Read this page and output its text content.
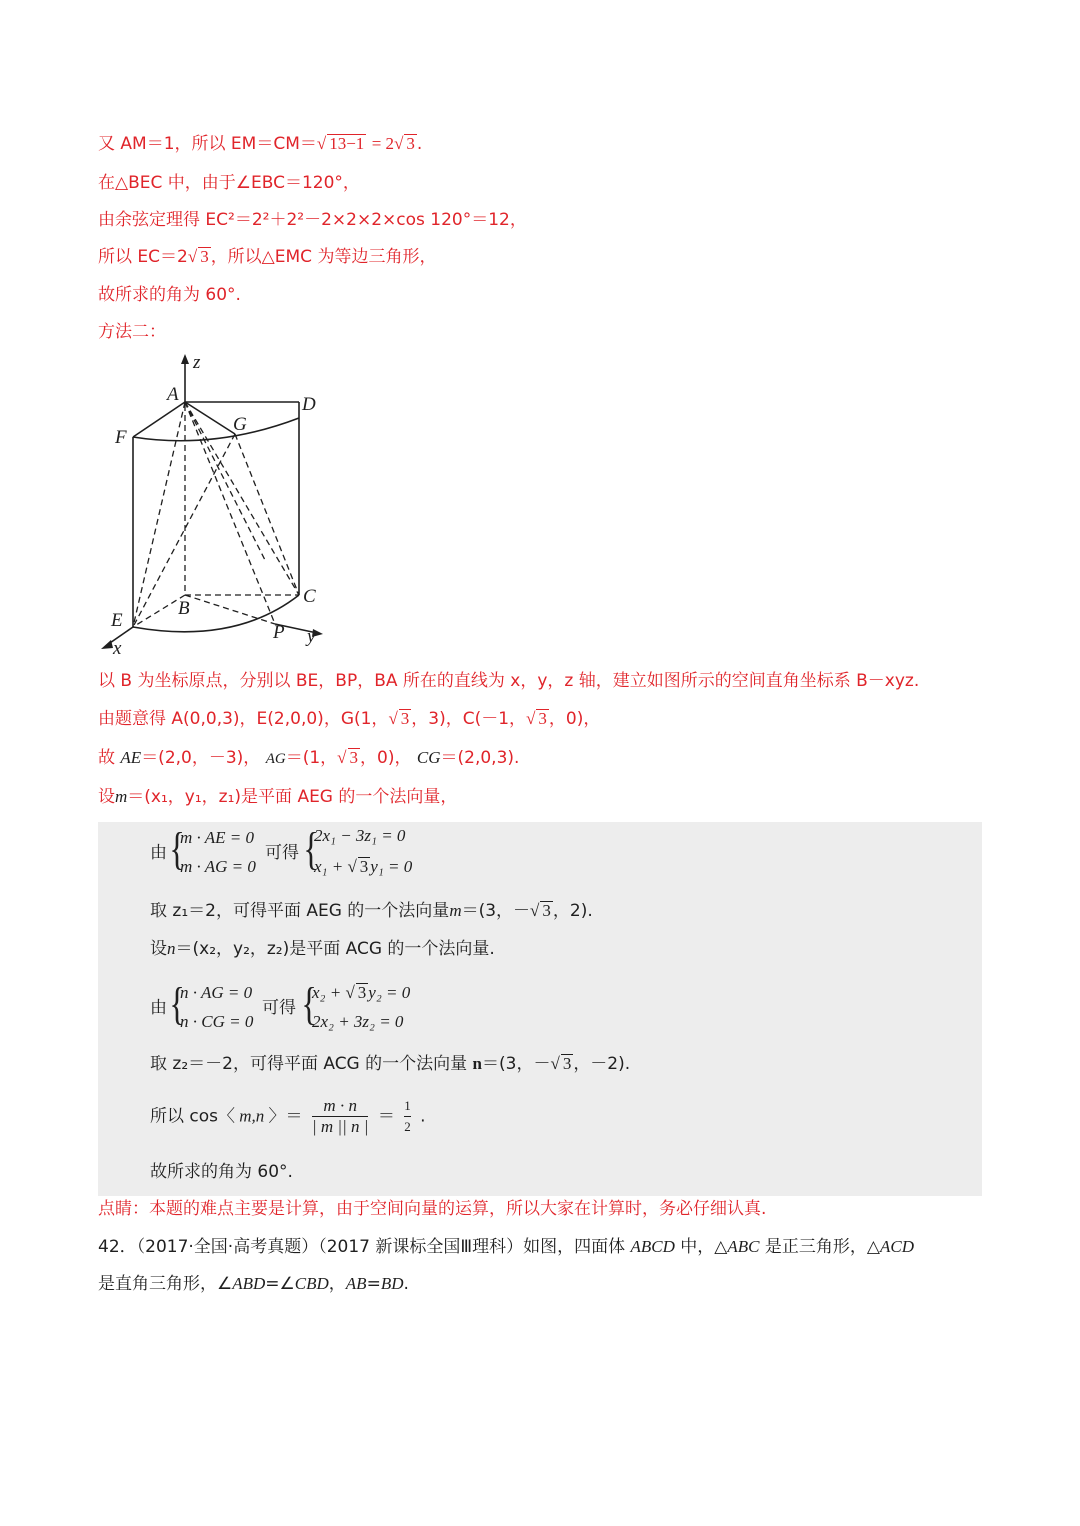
又 AM＝1，所以 EM＝CM＝√ 13−1 = 2√ 3 .
在△BEC 中，由于∠EBC＝120°，
由余弦定理得 EC²＝2²＋2²－2×2×2×cos 120°＝12，
所以 EC＝2√ 3 ，所以△EMC 为等边三角形，
故所求的角为 60°.
方法二：
z
A	D
F
G
C
B
E
P
x
y
以 B 为坐标原点，分别以 BE，BP，BA 所在的直线为 x，y，z 轴，建立如图所示的空间直角坐标系 B－xyz.
由题意得 A(0,0,3)，E(2,0,0)，G(1，√ 3 ，3)，C(－1，√ 3 ，0)，
故 AE＝(2,0，－3)， AG＝(1，√ 3 ，0)， CG＝(2,0,3).
设m＝(x₁，y₁，z₁)是平面 AEG 的一个法向量，
由 {
m · AE = 0
m · AG = 0
可得 {
2x₁ − 3z₁ = 0
x₁ + √ 3 y₁ = 0
取 z₁＝2，可得平面 AEG 的一个法向量m＝(3，－√ 3 ，2).
设n＝(x₂，y₂，z₂)是平面 ACG 的一个法向量.
由 {
n · AG = 0
n · CG = 0
可得 {
x₂ + √ 3 y₂ = 0
2x₂ + 3z₂ = 0
取 z₂＝－2，可得平面 ACG 的一个法向量 n＝(3，－√ 3 ，－2).
所以 cos〈 m,n 〉＝ $\frac{m \cdot n}{| m || n |} = \frac{1}{2}$ .
故所求的角为 60°.
点睛：本题的难点主要是计算，由于空间向量的运算，所以大家在计算时，务必仔细认真.
42．（2017·全国·高考真题）（2017 新课标全国Ⅲ理科）如图，四面体 ABCD 中，△ABC 是正三角形，△ACD
是直角三角形，∠ABD=∠CBD，AB=BD.
